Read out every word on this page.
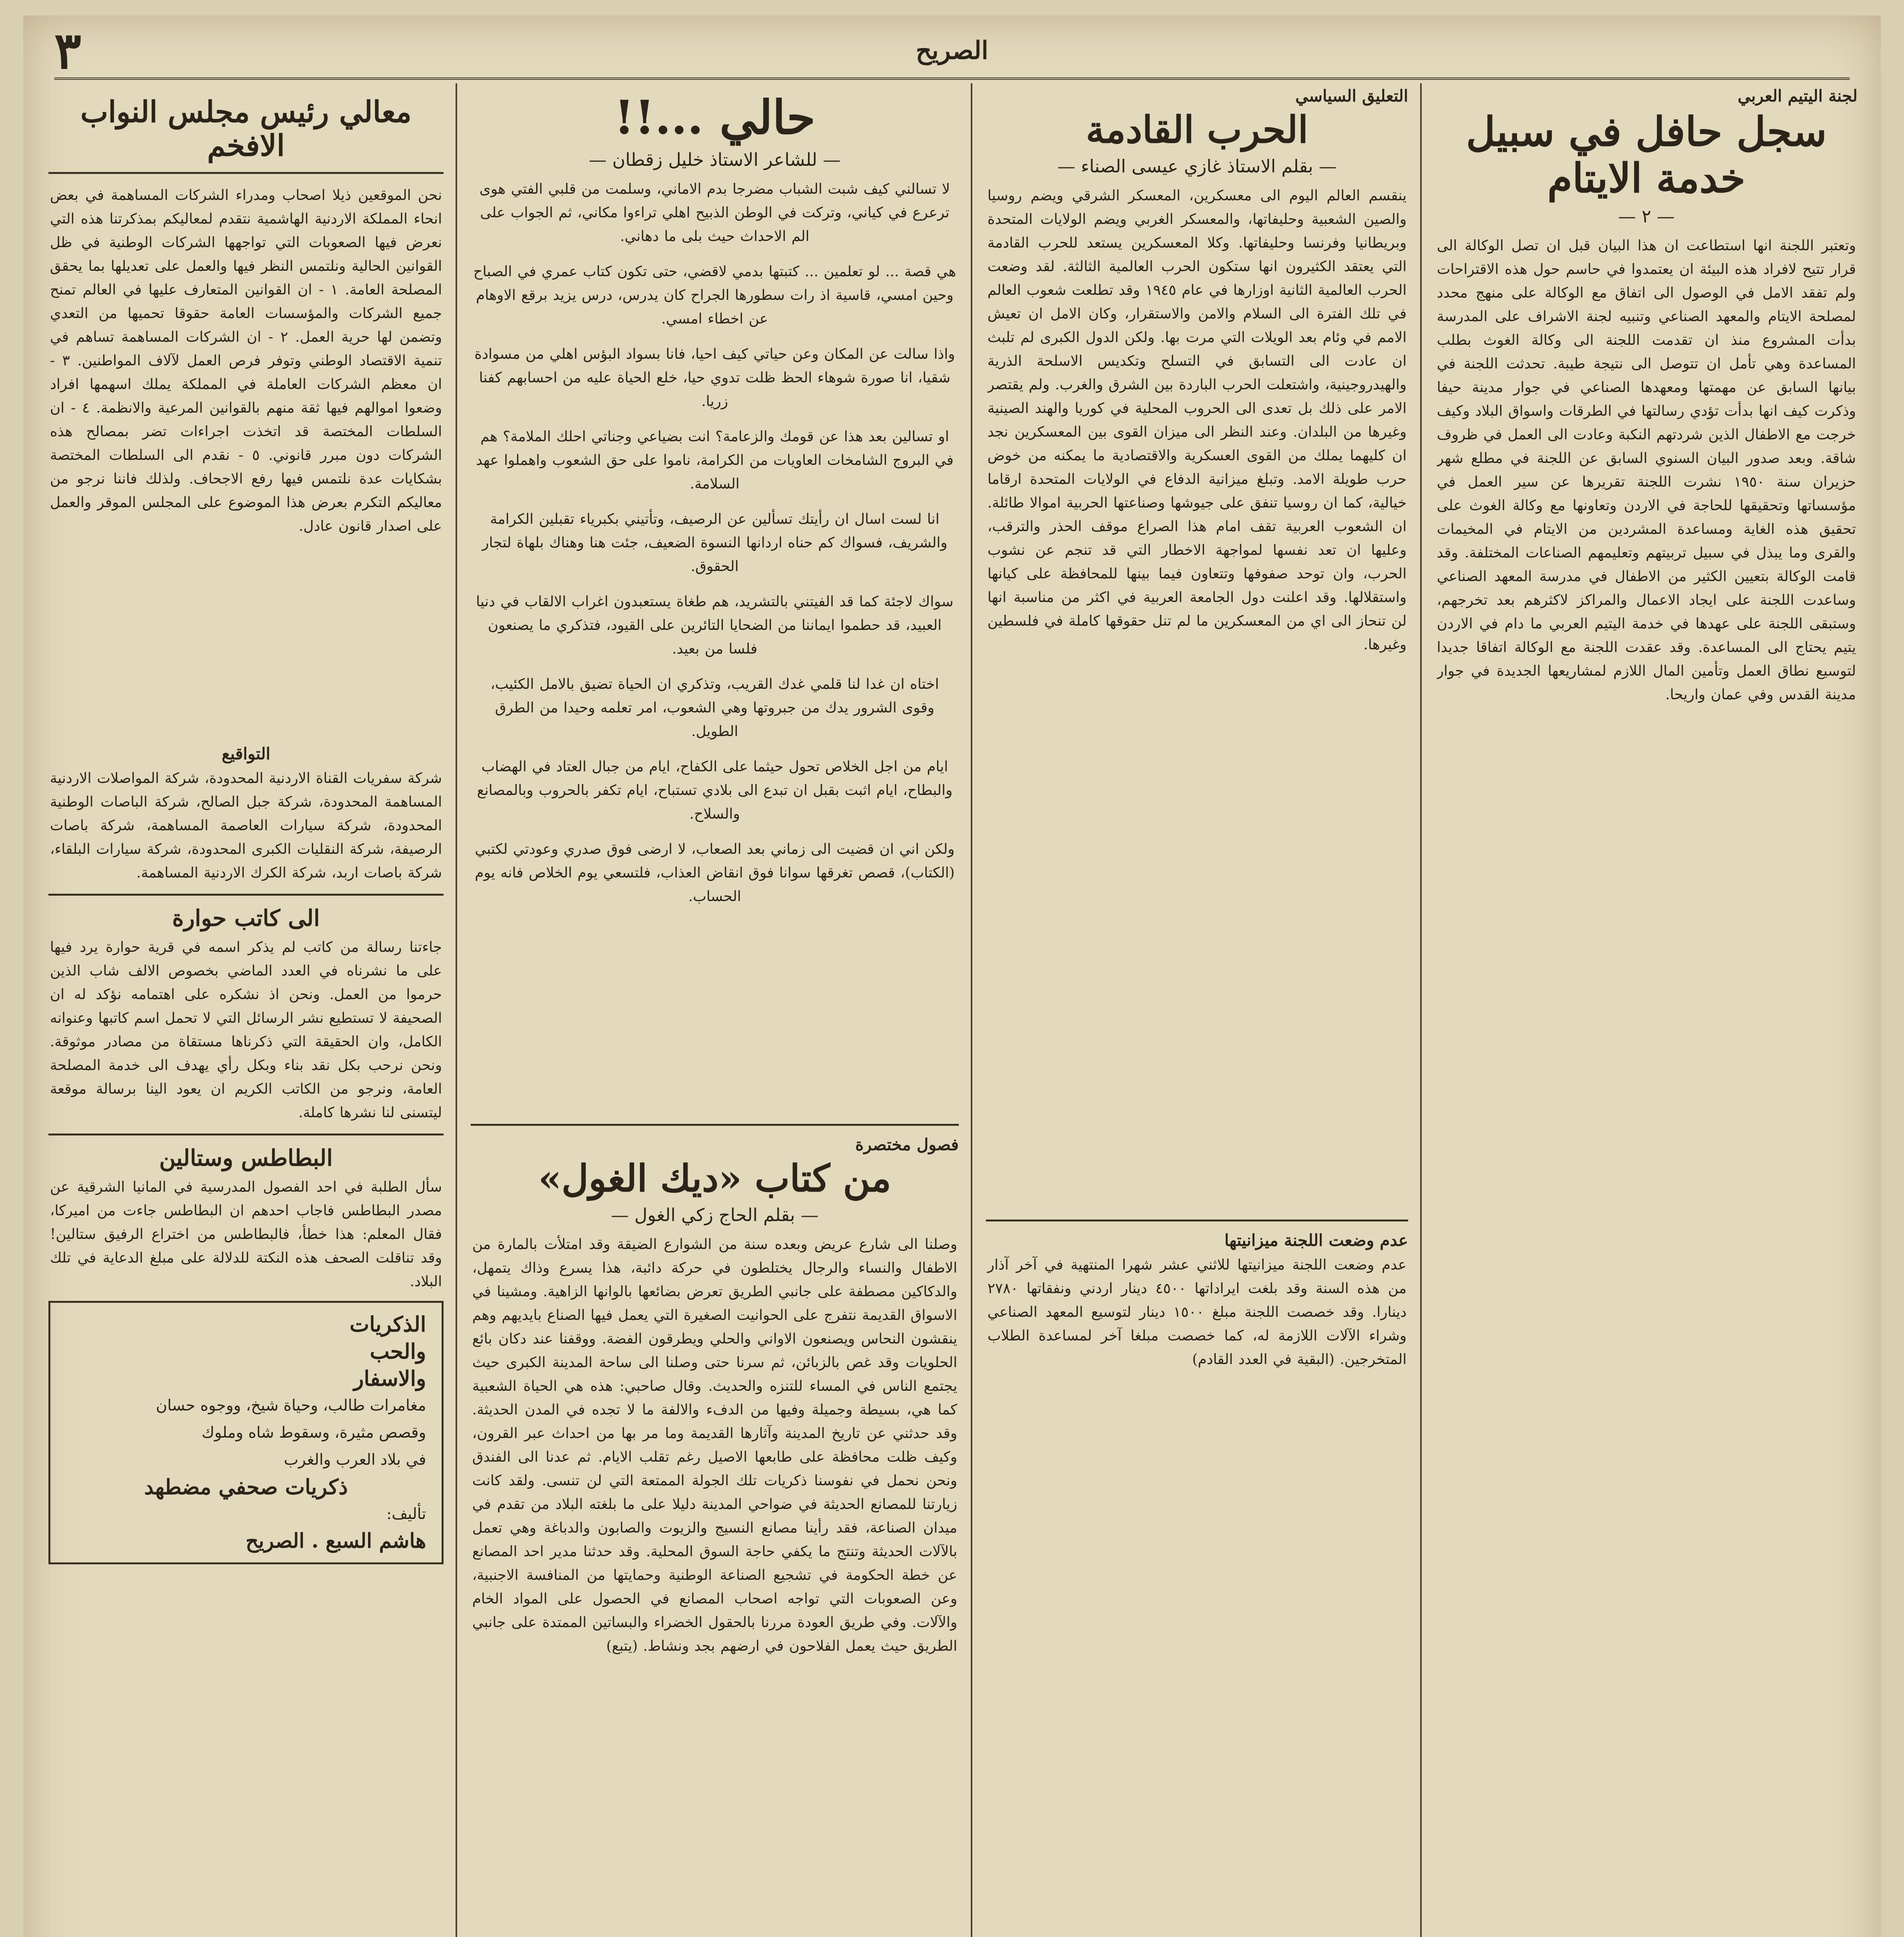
الصريح
٣
لجنة اليتيم العربي
سجل حافل في سبيل خدمة الايتام
— ٢ —

وتعتبر اللجنة انها استطاعت ان هذا البيان قبل ان تصل الوكالة الى قرار تتيح لافراد هذه البيئة ان يعتمدوا في حاسم حول هذه الاقتراحات ولم تفقد الامل في الوصول الى اتفاق مع الوكالة على منهج محدد لمصلحة الايتام والمعهد الصناعي وتنبيه لجنة الاشراف على المدرسة بدأت المشروع منذ ان تقدمت اللجنة الى وكالة الغوث بطلب المساعدة وهي تأمل ان تتوصل الى نتيجة طيبة. تحدثت اللجنة في بيانها السابق عن مهمتها ومعهدها الصناعي في جوار مدينة حيفا وذكرت كيف انها بدأت تؤدي رسالتها في الطرقات واسواق البلاد وكيف خرجت مع الاطفال الذين شردتهم النكبة وعادت الى العمل في ظروف شاقة. وبعد صدور البيان السنوي السابق عن اللجنة في مطلع شهر حزيران سنة ١٩٥٠ نشرت اللجنة تقريرها عن سير العمل في مؤسساتها وتحقيقها للحاجة في الاردن وتعاونها مع وكالة الغوث على تحقيق هذه الغاية ومساعدة المشردين من الايتام في المخيمات والقرى وما يبذل في سبيل تربيتهم وتعليمهم الصناعات المختلفة. وقد قامت الوكالة بتعيين الكثير من الاطفال في مدرسة المعهد الصناعي وساعدت اللجنة على ايجاد الاعمال والمراكز لاكثرهم بعد تخرجهم، وستبقى اللجنة على عهدها في خدمة اليتيم العربي ما دام في الاردن يتيم يحتاج الى المساعدة. وقد عقدت اللجنة مع الوكالة اتفاقا جديدا لتوسيع نطاق العمل وتأمين المال اللازم لمشاريعها الجديدة في جوار مدينة القدس وفي عمان واريحا.

التعليق السياسي
الحرب القادمة
— بقلم الاستاذ غازي عيسى الصناء —

ينقسم العالم اليوم الى معسكرين، المعسكر الشرقي ويضم روسيا والصين الشعبية وحليفاتها، والمعسكر الغربي ويضم الولايات المتحدة وبريطانيا وفرنسا وحليفاتها. وكلا المعسكرين يستعد للحرب القادمة التي يعتقد الكثيرون انها ستكون الحرب العالمية الثالثة. لقد وضعت الحرب العالمية الثانية اوزارها في عام ١٩٤٥ وقد تطلعت شعوب العالم في تلك الفترة الى السلام والامن والاستقرار، وكان الامل ان تعيش الامم في وئام بعد الويلات التي مرت بها. ولكن الدول الكبرى لم تلبث ان عادت الى التسابق في التسلح وتكديس الاسلحة الذرية والهيدروجينية، واشتعلت الحرب الباردة بين الشرق والغرب. ولم يقتصر الامر على ذلك بل تعدى الى الحروب المحلية في كوريا والهند الصينية وغيرها من البلدان. وعند النظر الى ميزان القوى بين المعسكرين نجد ان كليهما يملك من القوى العسكرية والاقتصادية ما يمكنه من خوض حرب طويلة الامد. وتبلغ ميزانية الدفاع في الولايات المتحدة ارقاما خيالية، كما ان روسيا تنفق على جيوشها وصناعتها الحربية اموالا طائلة. ان الشعوب العربية تقف امام هذا الصراع موقف الحذر والترقب، وعليها ان تعد نفسها لمواجهة الاخطار التي قد تنجم عن نشوب الحرب، وان توحد صفوفها وتتعاون فيما بينها للمحافظة على كيانها واستقلالها. وقد اعلنت دول الجامعة العربية في اكثر من مناسبة انها لن تنحاز الى اي من المعسكرين ما لم تنل حقوقها كاملة في فلسطين وغيرها.

عدم وضعت اللجنة ميزانيتها

عدم وضعت اللجنة ميزانيتها للاثني عشر شهرا المنتهية في آخر آذار من هذه السنة وقد بلغت ايراداتها ٤٥٠٠ دينار اردني ونفقاتها ٢٧٨٠ دينارا. وقد خصصت اللجنة مبلغ ١٥٠٠ دينار لتوسيع المعهد الصناعي وشراء الآلات اللازمة له، كما خصصت مبلغا آخر لمساعدة الطلاب المتخرجين. (البقية في العدد القادم)

حالي ...!!
— للشاعر الاستاذ خليل زقطان —

لا تسالني كيف شبت الشباب مضرجا بدم الاماني، وسلمت من قلبي الفتي هوى ترعرع في كياني، وتركت في الوطن الذبيح اهلي تراءوا مكاني، ثم الجواب على الم الاحداث حيث بلى ما دهاني.

هي قصة ... لو تعلمين ... كتبتها بدمي لاقضي، حتى تكون كتاب عمري في الصباح وحين امسي، قاسية اذ رات سطورها الجراح كان يدرس، درس يزيد برقع الاوهام عن اخطاء امسي.

واذا سالت عن المكان وعن حياتي كيف احيا، فانا بسواد البؤس اهلي من مسوادة شقيا، انا صورة شوهاء الحظ ظلت تدوي حيا، خلع الحياة عليه من احسابهم كفنا زريا.

او تسالين بعد هذا عن قومك والزعامة؟ انت بضياعي وجناتي احلك الملامة؟ هم في البروج الشامخات العاويات من الكرامة، ناموا على حق الشعوب واهملوا عهد السلامة.

انا لست اسال ان رأيتك تسألين عن الرصيف، وتأتيني بكبرياء تقبلين الكرامة والشريف، فسواك كم حناه اردانها النسوة الضعيف، جئت هنا وهناك بلهاة لتجار الحقوق.

سواك لاجئة كما قد الفيتني بالتشريد، هم طغاة يستعبدون اغراب الالقاب في دنيا العبيد، قد حطموا ايماننا من الضحايا التائرين على القيود، فتذكري ما يصنعون فلسا من بعيد.

اختاه ان غدا لنا قلمي غدك القريب، وتذكري ان الحياة تضيق بالامل الكئيب، وقوى الشرور يدك من جبروتها وهي الشعوب، امر تعلمه وحيدا من الطرق الطويل.

ايام من اجل الخلاص تحول حيثما على الكفاح، ايام من جبال العتاد في الهضاب والبطاح، ايام اثبت بقبل ان تبدع الى بلادي تستباح، ايام تكفر بالحروب وبالمصانع والسلاح.

ولكن اني ان قضيت الى زماني بعد الصعاب، لا ارضى فوق صدري وعودتي لكتبي (الكتاب)، قصص تغرقها سوانا فوق انقاض العذاب، فلتسعي يوم الخلاص فانه يوم الحساب.

فصول مختصرة
من كتاب «ديك الغول»
— بقلم الحاج زكي الغول —

وصلنا الى شارع عريض وبعده سنة من الشوارع الضيقة وقد امتلأت بالمارة من الاطفال والنساء والرجال يختلطون في حركة دائبة، هذا يسرع وذاك يتمهل، والدكاكين مصطفة على جانبي الطريق تعرض بضائعها بالوانها الزاهية. ومشينا في الاسواق القديمة نتفرج على الحوانيت الصغيرة التي يعمل فيها الصناع بايديهم وهم ينقشون النحاس ويصنعون الاواني والحلي ويطرقون الفضة. ووقفنا عند دكان بائع الحلويات وقد غص بالزبائن، ثم سرنا حتى وصلنا الى ساحة المدينة الكبرى حيث يجتمع الناس في المساء للتنزه والحديث. وقال صاحبي: هذه هي الحياة الشعبية كما هي، بسيطة وجميلة وفيها من الدفء والالفة ما لا تجده في المدن الحديثة. وقد حدثني عن تاريخ المدينة وآثارها القديمة وما مر بها من احداث عبر القرون، وكيف ظلت محافظة على طابعها الاصيل رغم تقلب الايام. ثم عدنا الى الفندق ونحن نحمل في نفوسنا ذكريات تلك الجولة الممتعة التي لن تنسى. ولقد كانت زيارتنا للمصانع الحديثة في ضواحي المدينة دليلا على ما بلغته البلاد من تقدم في ميدان الصناعة، فقد رأينا مصانع النسيج والزيوت والصابون والدباغة وهي تعمل بالآلات الحديثة وتنتج ما يكفي حاجة السوق المحلية. وقد حدثنا مدير احد المصانع عن خطة الحكومة في تشجيع الصناعة الوطنية وحمايتها من المنافسة الاجنبية، وعن الصعوبات التي تواجه اصحاب المصانع في الحصول على المواد الخام والآلات. وفي طريق العودة مررنا بالحقول الخضراء والبساتين الممتدة على جانبي الطريق حيث يعمل الفلاحون في ارضهم بجد ونشاط. (يتبع)

معالي رئيس مجلس النواب الافخم

نحن الموقعين ذيلا اصحاب ومدراء الشركات المساهمة في بعض انحاء المملكة الاردنية الهاشمية نتقدم لمعاليكم بمذكرتنا هذه التي نعرض فيها الصعوبات التي تواجهها الشركات الوطنية في ظل القوانين الحالية ونلتمس النظر فيها والعمل على تعديلها بما يحقق المصلحة العامة. ١ - ان القوانين المتعارف عليها في العالم تمنح جميع الشركات والمؤسسات العامة حقوقا تحميها من التعدي وتضمن لها حرية العمل. ٢ - ان الشركات المساهمة تساهم في تنمية الاقتصاد الوطني وتوفر فرص العمل لآلاف المواطنين. ٣ - ان معظم الشركات العاملة في المملكة يملك اسهمها افراد وضعوا اموالهم فيها ثقة منهم بالقوانين المرعية والانظمة. ٤ - ان السلطات المختصة قد اتخذت اجراءات تضر بمصالح هذه الشركات دون مبرر قانوني. ٥ - نقدم الى السلطات المختصة بشكايات عدة نلتمس فيها رفع الاجحاف. ولذلك فاننا نرجو من معاليكم التكرم بعرض هذا الموضوع على المجلس الموقر والعمل على اصدار قانون عادل.

التواقيع

شركة سفريات القناة الاردنية المحدودة، شركة المواصلات الاردنية المساهمة المحدودة، شركة جبل الصالح، شركة الباصات الوطنية المحدودة، شركة سيارات العاصمة المساهمة، شركة باصات الرصيفة، شركة النقليات الكبرى المحدودة، شركة سيارات البلقاء، شركة باصات اربد، شركة الكرك الاردنية المساهمة.

الى كاتب حوارة

جاءتنا رسالة من كاتب لم يذكر اسمه في قرية حوارة يرد فيها على ما نشرناه في العدد الماضي بخصوص الالف شاب الذين حرموا من العمل. ونحن اذ نشكره على اهتمامه نؤكد له ان الصحيفة لا تستطيع نشر الرسائل التي لا تحمل اسم كاتبها وعنوانه الكامل، وان الحقيقة التي ذكرناها مستقاة من مصادر موثوقة. ونحن نرحب بكل نقد بناء وبكل رأي يهدف الى خدمة المصلحة العامة، ونرجو من الكاتب الكريم ان يعود الينا برسالة موقعة ليتسنى لنا نشرها كاملة.

البطاطس وستالين

سأل الطلبة في احد الفصول المدرسية في المانيا الشرقية عن مصدر البطاطس فاجاب احدهم ان البطاطس جاءت من اميركا، فقال المعلم: هذا خطأ، فالبطاطس من اختراع الرفيق ستالين! وقد تناقلت الصحف هذه النكتة للدلالة على مبلغ الدعاية في تلك البلاد.

الذكريات
والحب
والاسفار
مغامرات طالب، وحياة شيخ، ووجوه حسان
وقصص مثيرة، وسقوط شاه وملوك
في بلاد العرب والغرب
ذكريات صحفي مضطهد
تأليف:
هاشم السبع . الصريح
